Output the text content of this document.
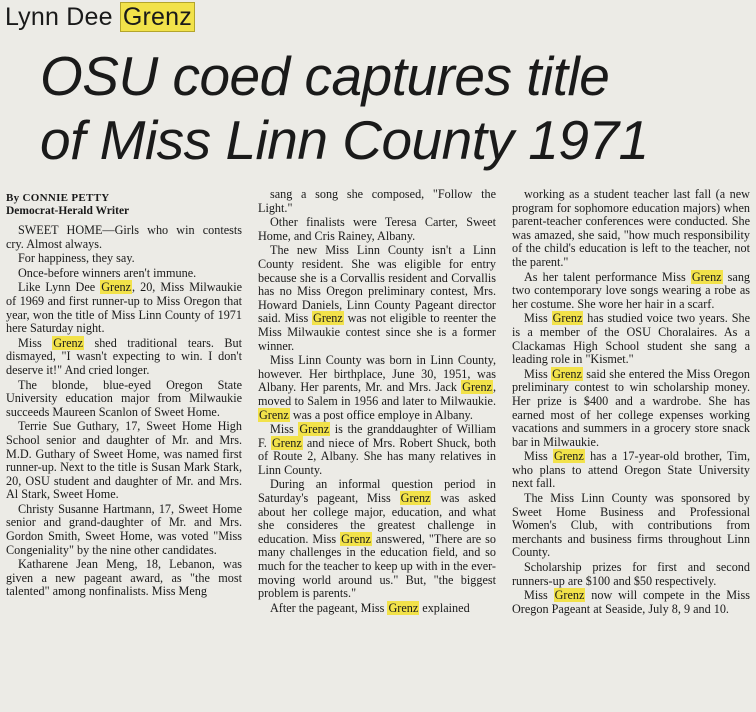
Lynn Dee Grenz
OSU coed captures title
of Miss Linn County 1971
By CONNIE PETTY
Democrat-Herald Writer

SWEET HOME—Girls who win contests cry. Almost always.

For happiness, they say.

Once-before winners aren't immune.

Like Lynn Dee Grenz, 20, Miss Milwaukie of 1969 and first runner-up to Miss Oregon that year, won the title of Miss Linn County of 1971 here Saturday night.

Miss Grenz shed traditional tears. But dismayed, "I wasn't expecting to win. I don't deserve it!" And cried longer.

The blonde, blue-eyed Oregon State University education major from Milwaukie succeeds Maureen Scanlon of Sweet Home.

Terrie Sue Guthary, 17, Sweet Home High School senior and daughter of Mr. and Mrs. M.D. Guthary of Sweet Home, was named first runner-up. Next to the title is Susan Mark Stark, 20, OSU student and daughter of Mr. and Mrs. Al Stark, Sweet Home.

Christy Susanne Hartmann, 17, Sweet Home senior and grand-daughter of Mr. and Mrs. Gordon Smith, Sweet Home, was voted "Miss Congeniality" by the nine other candidates.

Katharene Jean Meng, 18, Lebanon, was given a new pageant award, as "the most talented" among nonfinalists. Miss Meng

sang a song she composed, "Follow the Light."

Other finalists were Teresa Carter, Sweet Home, and Cris Rainey, Albany.

The new Miss Linn County isn't a Linn County resident. She was eligible for entry because she is a Corvallis resident and Corvallis has no Miss Oregon preliminary contest, Mrs. Howard Daniels, Linn County Pageant director said. Miss Grenz was not eligible to reenter the Miss Milwaukie contest since she is a former winner.

Miss Linn County was born in Linn County, however. Her birthplace, June 30, 1951, was Albany. Her parents, Mr. and Mrs. Jack Grenz, moved to Salem in 1956 and later to Milwaukie. Grenz was a post office employe in Albany.

Miss Grenz is the granddaughter of William F. Grenz and niece of Mrs. Robert Shuck, both of Route 2, Albany. She has many relatives in Linn County.

During an informal question period in Saturday's pageant, Miss Grenz was asked about her college major, education, and what she consideres the greatest challenge in education. Miss Grenz answered, "There are so many challenges in the education field, and so much for the teacher to keep up with in the ever-moving world around us." But, "the biggest problem is parents."

After the pageant, Miss Grenz explained

working as a student teacher last fall (a new program for sophomore education majors) when parent-teacher conferences were conducted. She was amazed, she said, "how much responsibility of the child's education is left to the teacher, not the parent."

As her talent performance Miss Grenz sang two contemporary love songs wearing a robe as her costume. She wore her hair in a scarf.

Miss Grenz has studied voice two years. She is a member of the OSU Choralaires. As a Clackamas High School student she sang a leading role in "Kismet."

Miss Grenz said she entered the Miss Oregon preliminary contest to win scholarship money. Her prize is $400 and a wardrobe. She has earned most of her college expenses working vacations and summers in a grocery store snack bar in Milwaukie.

Miss Grenz has a 17-year-old brother, Tim, who plans to attend Oregon State University next fall.

The Miss Linn County was sponsored by Sweet Home Business and Professional Women's Club, with contributions from merchants and business firms throughout Linn County.

Scholarship prizes for first and second runners-up are $100 and $50 respectively.

Miss Grenz now will compete in the Miss Oregon Pageant at Seaside, July 8, 9 and 10.
